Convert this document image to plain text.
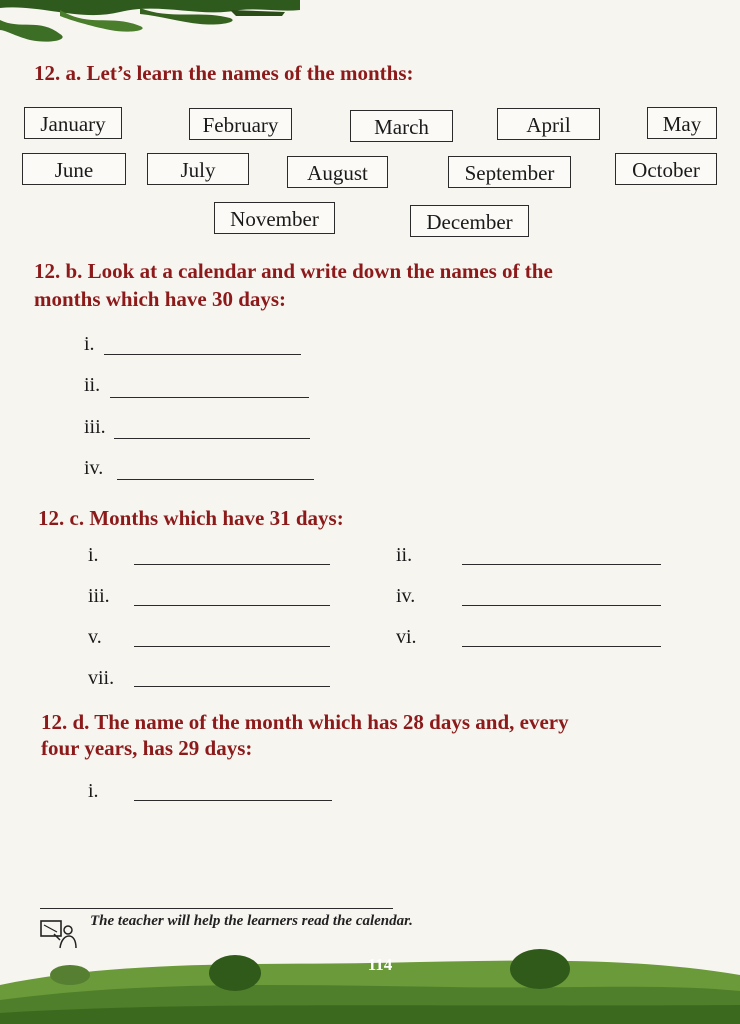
12. a. Let’s learn the names of the months:
January	February	March	April	May
June	July	August	September	October
November	December
12. b. Look at a calendar and write down the names of the
months which have 30 days:
i.
ii.
iii.
iv.
12. c. Months which have 31 days:
i.	ii.
iii.	iv.
v.	vi.
vii.
12. d. The name of the month which has 28 days and, every
four years, has 29 days:
i.
The teacher will help the learners read the calendar.
114
